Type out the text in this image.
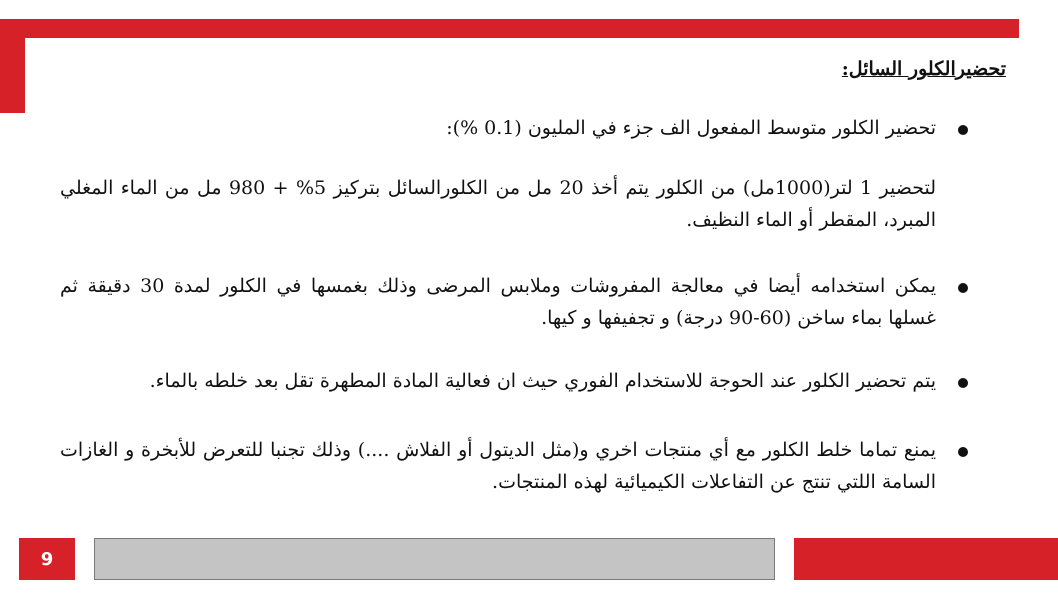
تحضيرالكلور السائل:
تحضير الكلور متوسط المفعول الف جزء في المليون (0.1 %):
لتحضير 1 لتر(1000مل) من الكلور يتم أخذ 20 مل من الكلورالسائل بتركيز 5% + 980 مل من الماء المغلي المبرد، المقطر أو الماء النظيف.
يمكن استخدامه أيضا في معالجة المفروشات وملابس المرضى وذلك بغمسها في الكلور لمدة 30 دقيقة ثم غسلها بماء ساخن (60-90 درجة) و تجفيفها و كيها.
يتم تحضير الكلور عند الحوجة للاستخدام الفوري حيث ان فعالية المادة المطهرة تقل بعد خلطه بالماء.
يمنع تماما خلط الكلور مع أي منتجات اخري و(مثل الديتول أو الفلاش ....) وذلك تجنبا للتعرض للأبخرة و الغازات السامة اللتي تنتج عن التفاعلات الكيميائية لهذه المنتجات.
9
